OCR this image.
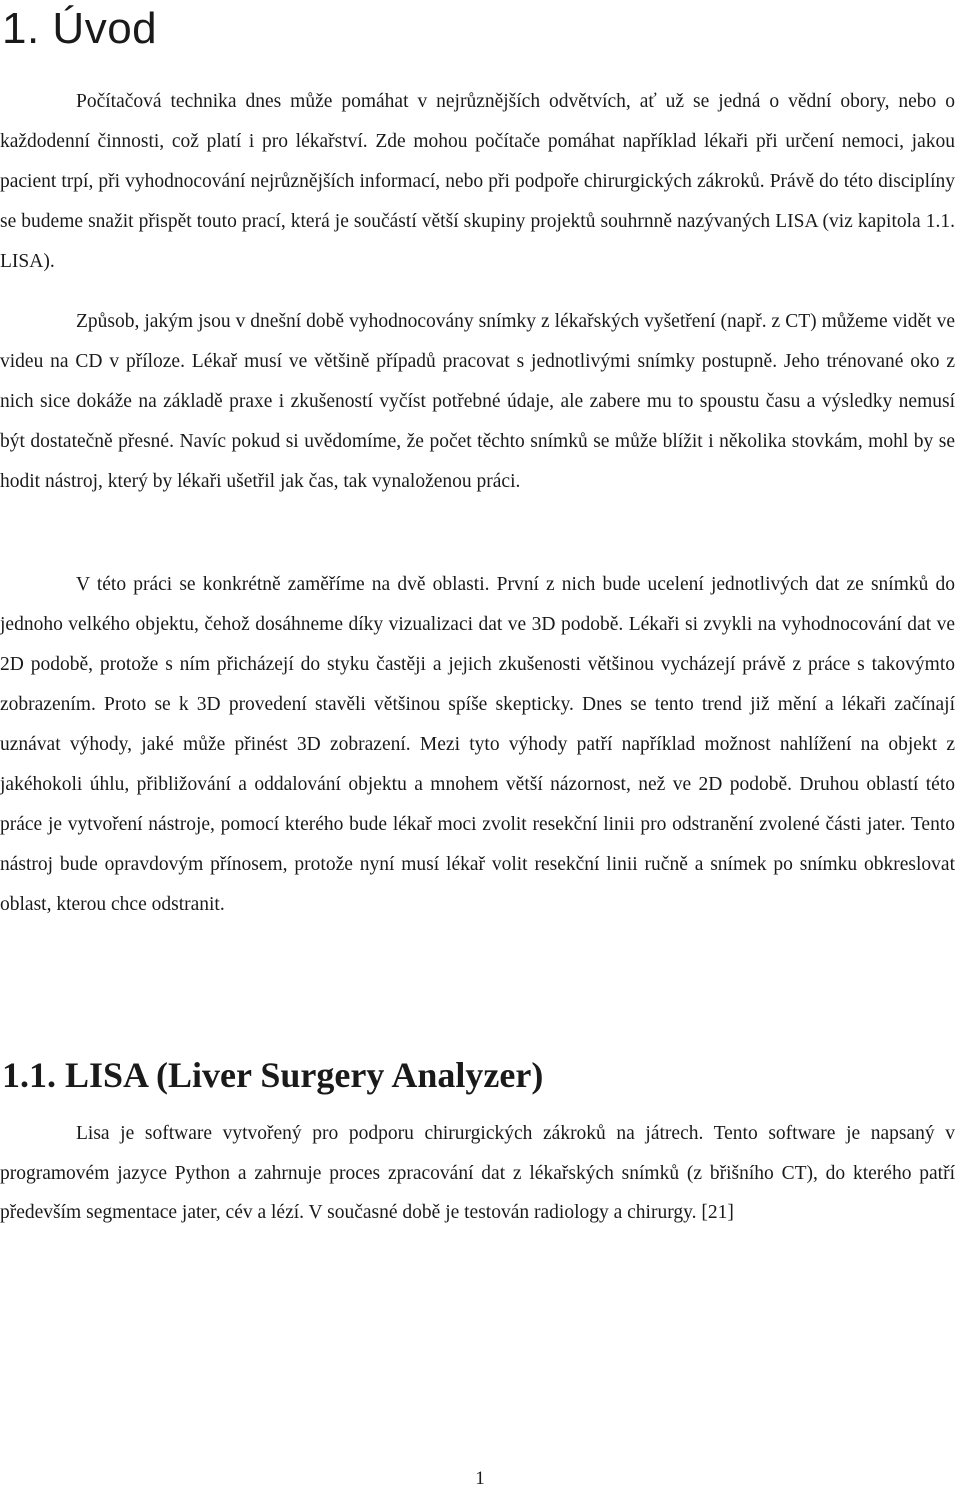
1. Úvod

Počítačová technika dnes může pomáhat v nejrůznějších odvětvích, ať už se jedná o vědní obory, nebo o každodenní činnosti, což platí i pro lékařství. Zde mohou počítače pomáhat například lékaři při určení nemoci, jakou pacient trpí, při vyhodnocování nejrůznějších informací, nebo při podpoře chirurgických zákroků. Právě do této disciplíny se budeme snažit přispět touto prací, která je součástí větší skupiny projektů souhrnně nazývaných LISA (viz kapitola 1.1. LISA).

Způsob, jakým jsou v dnešní době vyhodnocovány snímky z lékařských vyšetření (např. z CT) můžeme vidět ve videu na CD v příloze. Lékař musí ve většině případů pracovat s jednotlivými snímky postupně. Jeho trénované oko z nich sice dokáže na základě praxe i zkušeností vyčíst potřebné údaje, ale zabere mu to spoustu času a výsledky nemusí být dostatečně přesné. Navíc pokud si uvědomíme, že počet těchto snímků se může blížit i několika stovkám, mohl by se hodit nástroj, který by lékaři ušetřil jak čas, tak vynaloženou práci.

V této práci se konkrétně zaměříme na dvě oblasti. První z nich bude ucelení jednotlivých dat ze snímků do jednoho velkého objektu, čehož dosáhneme díky vizualizaci dat ve 3D podobě. Lékaři si zvykli na vyhodnocování dat ve 2D podobě, protože s ním přicházejí do styku častěji a jejich zkušenosti většinou vycházejí právě z práce s takovýmto zobrazením. Proto se k 3D provedení stavěli většinou spíše skepticky. Dnes se tento trend již mění a lékaři začínají uznávat výhody, jaké může přinést 3D zobrazení. Mezi tyto výhody patří například možnost nahlížení na objekt z jakéhokoli úhlu, přibližování a oddalování objektu a mnohem větší názornost, než ve 2D podobě. Druhou oblastí této práce je vytvoření nástroje, pomocí kterého bude lékař moci zvolit resekční linii pro odstranění zvolené části jater. Tento nástroj bude opravdovým přínosem, protože nyní musí lékař volit resekční linii ručně a snímek po snímku obkreslovat oblast, kterou chce odstranit.

1.1. LISA (Liver Surgery Analyzer)

Lisa je software vytvořený pro podporu chirurgických zákroků na játrech. Tento software je napsaný v programovém jazyce Python a zahrnuje proces zpracování dat z lékařských snímků (z břišního CT), do kterého patří především segmentace jater, cév a lézí. V současné době je testován radiology a chirurgy. [21]

1
